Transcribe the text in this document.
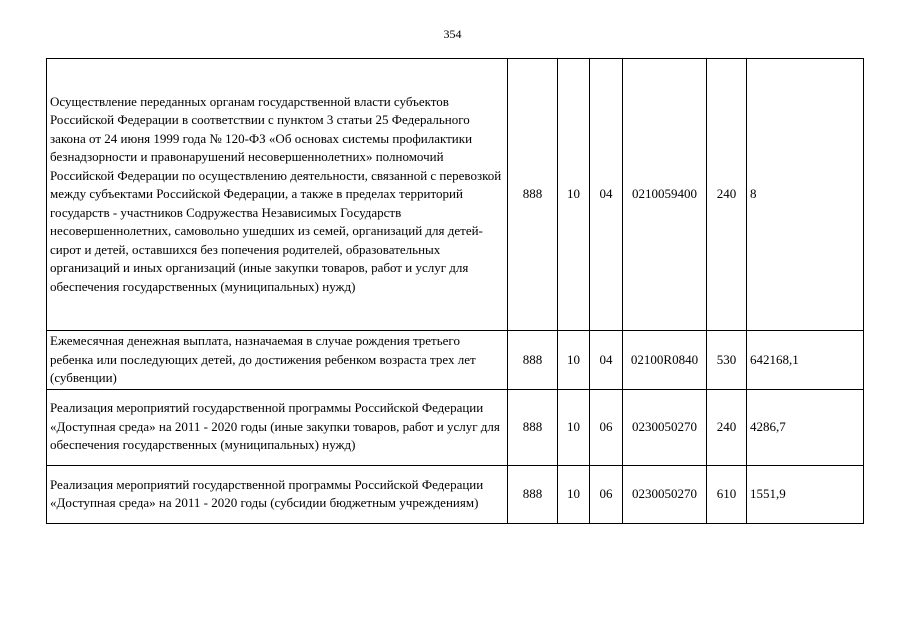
354
Осуществление переданных органам государственной власти субъектов Российской Федерации в соответствии с пунктом 3 статьи 25 Федерального закона от 24 июня 1999 года № 120-ФЗ «Об основах системы профилактики безнадзорности и правонарушений несовершеннолетних» полномочий Российской Федерации по осуществлению деятельности, связанной с перевозкой между субъектами Российской Федерации, а также в пределах территорий государств - участников Содружества Независимых Государств несовершеннолетних, самовольно ушедших из семей, организаций для детей-сирот и детей, оставшихся без попечения родителей, образовательных организаций и иных организаций (иные закупки товаров, работ и услуг для обеспечения государственных (муниципальных) нужд)	888	10	04	0210059400	240	8
Ежемесячная денежная выплата, назначаемая в случае рождения третьего ребенка или последующих детей, до достижения ребенком возраста трех лет (субвенции)	888	10	04	02100R0840	530	642168,1
Реализация мероприятий государственной программы Российской Федерации «Доступная среда» на 2011 - 2020 годы (иные закупки товаров, работ и услуг для обеспечения государственных (муниципальных) нужд)	888	10	06	0230050270	240	4286,7
Реализация мероприятий государственной программы Российской Федерации «Доступная среда» на 2011 - 2020 годы (субсидии бюджетным учреждениям)	888	10	06	0230050270	610	1551,9
